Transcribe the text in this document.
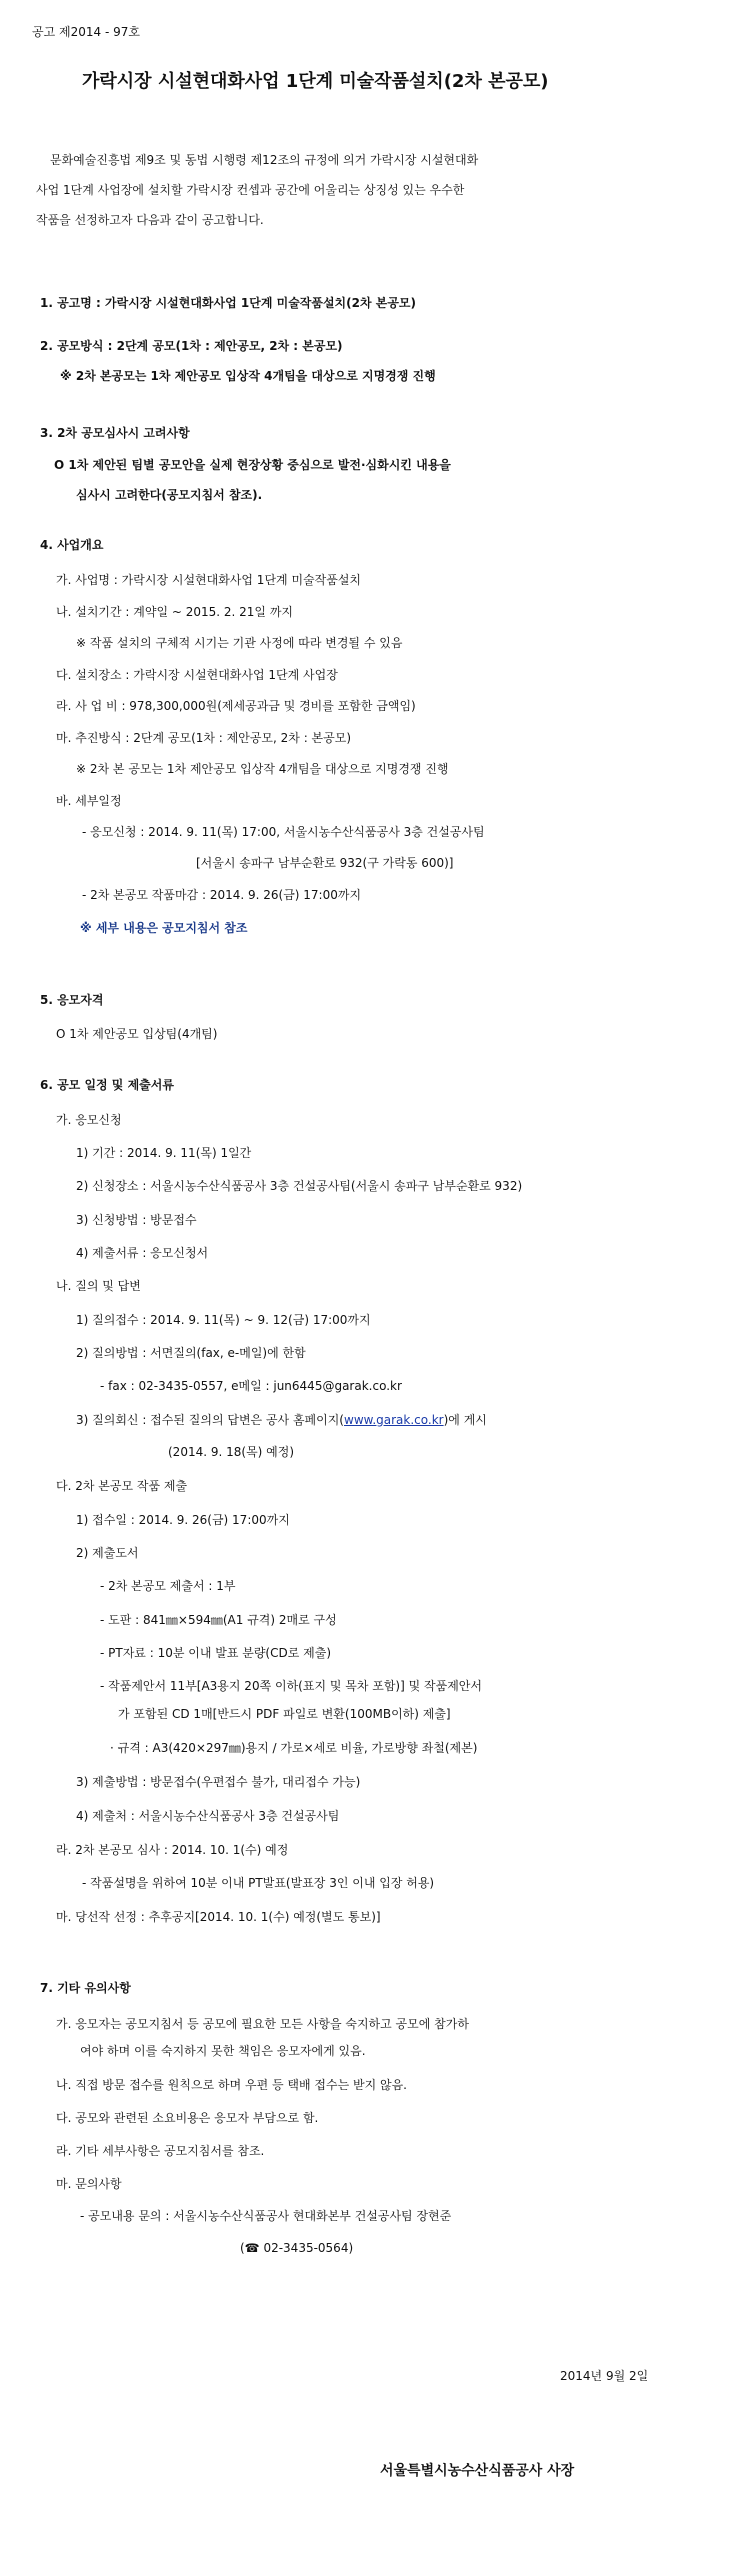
공고 제2014 - 97호
가락시장 시설현대화사업 1단계 미술작품설치(2차 본공모)
문화예술진흥법 제9조 및 동법 시행령 제12조의 규정에 의거 가락시장 시설현대화
사업 1단계 사업장에 설치할 가락시장 컨셉과 공간에 어울리는 상징성 있는 우수한
작품을 선정하고자 다음과 같이 공고합니다.
1. 공고명 : 가락시장 시설현대화사업 1단계 미술작품설치(2차 본공모)
2. 공모방식 : 2단계 공모(1차 : 제안공모, 2차 : 본공모)
※ 2차 본공모는 1차 제안공모 입상작 4개팀을 대상으로 지명경쟁 진행
3. 2차 공모심사시 고려사항
O 1차 제안된 팀별 공모안을 실제 현장상황 중심으로 발전·심화시킨 내용을
심사시 고려한다(공모지침서 참조).
4. 사업개요
가. 사업명 : 가락시장 시설현대화사업 1단계 미술작품설치
나. 설치기간 : 계약일 ~ 2015. 2. 21일 까지
※ 작품 설치의 구체적 시기는 기관 사정에 따라 변경될 수 있음
다. 설치장소 : 가락시장 시설현대화사업 1단계 사업장
라. 사 업 비 : 978,300,000원(제세공과금 및 경비를 포함한 금액임)
마. 추진방식 : 2단계 공모(1차 : 제안공모, 2차 : 본공모)
※ 2차 본 공모는 1차 제안공모 입상작 4개팀을 대상으로 지명경쟁 진행
바. 세부일정
- 응모신청 : 2014. 9. 11(목) 17:00, 서울시농수산식품공사 3층 건설공사팀
[서울시 송파구 남부순환로 932(구 가락동 600)]
- 2차 본공모 작품마감 : 2014. 9. 26(금) 17:00까지
※ 세부 내용은 공모지침서 참조
5. 응모자격
O 1차 제안공모 입상팀(4개팀)
6. 공모 일정 및 제출서류
가. 응모신청
1) 기간 : 2014. 9. 11(목) 1일간
2) 신청장소 : 서울시농수산식품공사 3층 건설공사팀(서울시 송파구 남부순환로 932)
3) 신청방법 : 방문접수
4) 제출서류 : 응모신청서
나. 질의 및 답변
1) 질의접수 : 2014. 9. 11(목) ~ 9. 12(금) 17:00까지
2) 질의방법 : 서면질의(fax, e-메일)에 한함
- fax : 02-3435-0557, e메일 : jun6445@garak.co.kr
3) 질의회신 : 접수된 질의의 답변은 공사 홈페이지(www.garak.co.kr)에 게시
(2014. 9. 18(목) 예정)
다. 2차 본공모 작품 제출
1) 접수일 : 2014. 9. 26(금) 17:00까지
2) 제출도서
- 2차 본공모 제출서 : 1부
- 도판 : 841㎜×594㎜(A1 규격) 2매로 구성
- PT자료 : 10분 이내 발표 분량(CD로 제출)
- 작품제안서 11부[A3용지 20쪽 이하(표지 및 목차 포함)] 및 작품제안서
가 포함된 CD 1매[반드시 PDF 파일로 변환(100MB이하) 제출]
· 규격 : A3(420×297㎜)용지 / 가로×세로 비율, 가로방향 좌철(제본)
3) 제출방법 : 방문접수(우편접수 불가, 대리접수 가능)
4) 제출처 : 서울시농수산식품공사 3층 건설공사팀
라. 2차 본공모 심사 : 2014. 10. 1(수) 예정
- 작품설명을 위하여 10분 이내 PT발표(발표장 3인 이내 입장 허용)
마. 당선작 선정 : 추후공지[2014. 10. 1(수) 예정(별도 통보)]
7. 기타 유의사항
가. 응모자는 공모지침서 등 공모에 필요한 모든 사항을 숙지하고 공모에 참가하
여야 하며 이를 숙지하지 못한 책임은 응모자에게 있음.
나. 직접 방문 접수를 원칙으로 하며 우편 등 택배 접수는 받지 않음.
다. 공모와 관련된 소요비용은 응모자 부담으로 함.
라. 기타 세부사항은 공모지침서를 참조.
마. 문의사항
- 공모내용 문의 : 서울시농수산식품공사 현대화본부 건설공사팀 장현준
(☎ 02-3435-0564)
2014년 9월 2일
서울특별시농수산식품공사 사장
